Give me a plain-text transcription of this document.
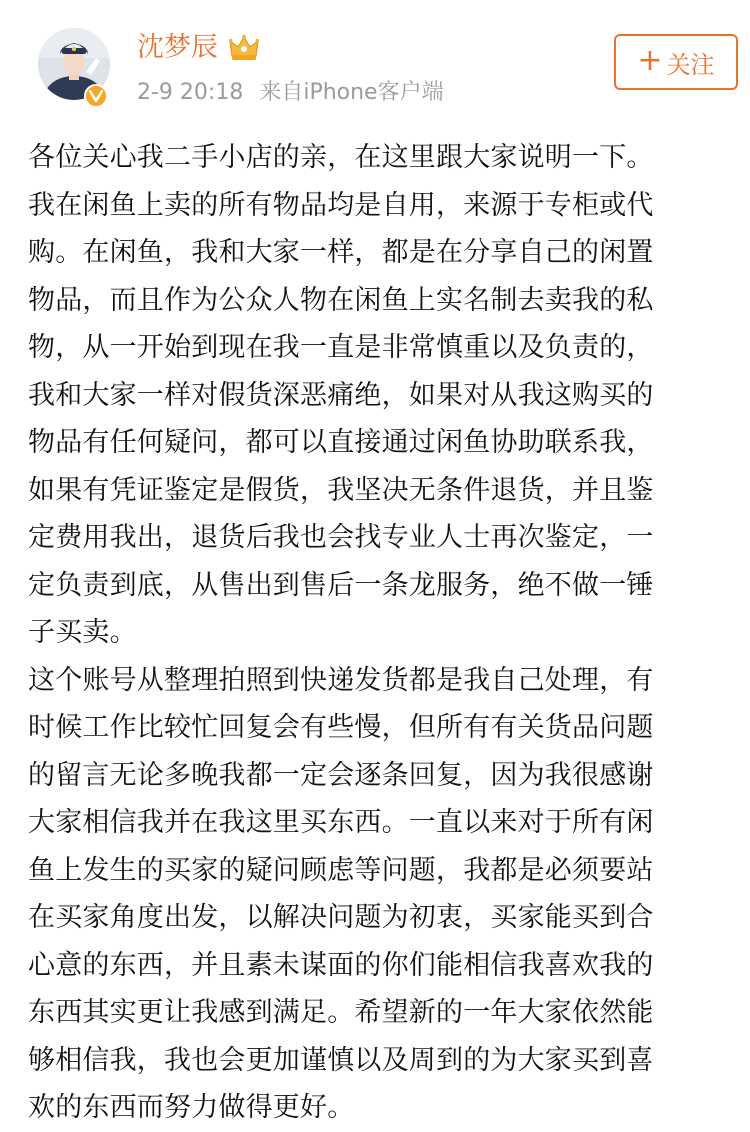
沈梦辰
2-9 20:18 来自iPhone客户端
+ 关注
各位关心我二手小店的亲，在这里跟大家说明一下。
我在闲鱼上卖的所有物品均是自用，来源于专柜或代
购。在闲鱼，我和大家一样，都是在分享自己的闲置
物品，而且作为公众人物在闲鱼上实名制去卖我的私
物，从一开始到现在我一直是非常慎重以及负责的，
我和大家一样对假货深恶痛绝，如果对从我这购买的
物品有任何疑问，都可以直接通过闲鱼协助联系我，
如果有凭证鉴定是假货，我坚决无条件退货，并且鉴
定费用我出，退货后我也会找专业人士再次鉴定，一
定负责到底，从售出到售后一条龙服务，绝不做一锤
子买卖。
这个账号从整理拍照到快递发货都是我自己处理，有
时候工作比较忙回复会有些慢，但所有有关货品问题
的留言无论多晚我都一定会逐条回复，因为我很感谢
大家相信我并在我这里买东西。一直以来对于所有闲
鱼上发生的买家的疑问顾虑等问题，我都是必须要站
在买家角度出发，以解决问题为初衷，买家能买到合
心意的东西，并且素未谋面的你们能相信我喜欢我的
东西其实更让我感到满足。希望新的一年大家依然能
够相信我，我也会更加谨慎以及周到的为大家买到喜
欢的东西而努力做得更好。
